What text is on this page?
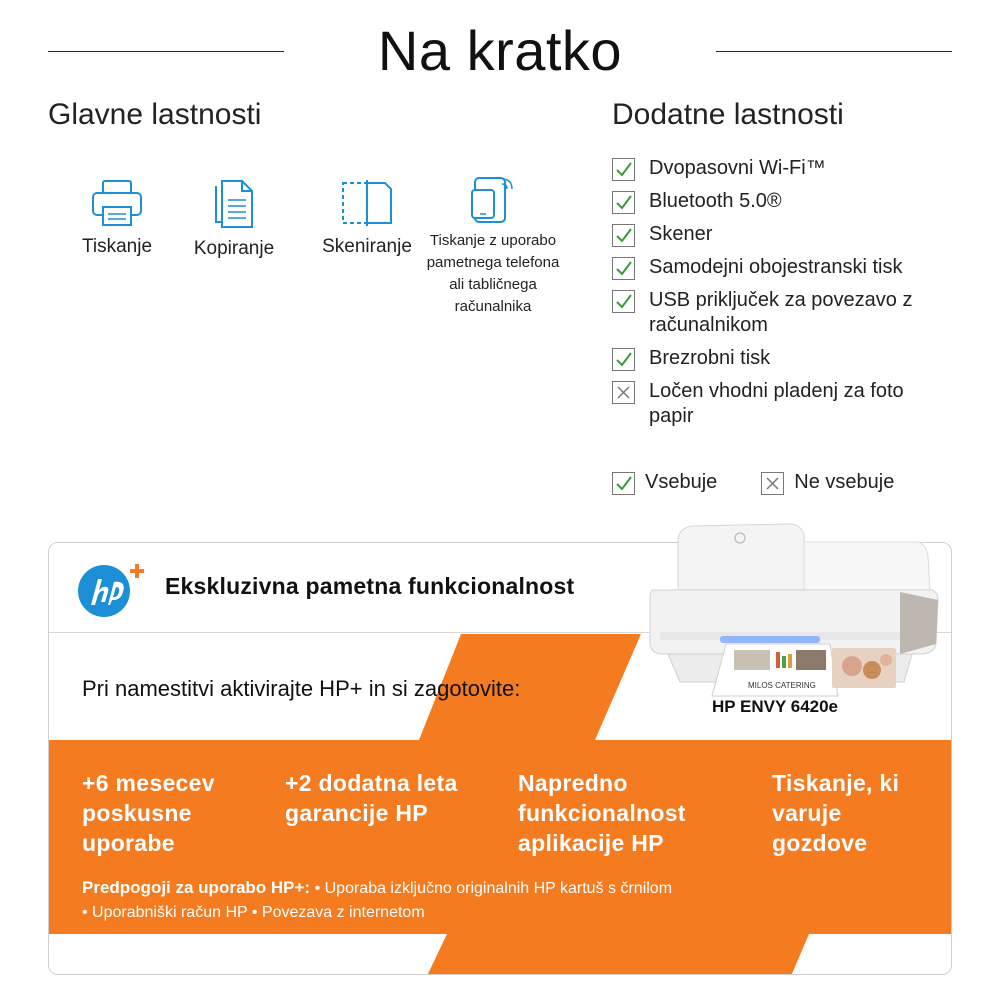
Na kratko
Glavne lastnosti
Tiskanje	Kopiranje	Skeniranje	Tiskanje z uporabo pametnega telefona ali tabličnega računalnika
Dodatne lastnosti
Dvopasovni Wi-Fi™
Bluetooth 5.0®
Skener
Samodejni obojestranski tisk
USB priključek za povezavo z računalnikom
Brezrobni tisk
Ločen vhodni pladenj za foto papir
Vsebuje	Ne vsebuje
Ekskluzivna pametna funkcionalnost
Pri namestitvi aktivirajte HP+ in si zagotovite:
+6 mesecev poskusne uporabe
+2 dodatna leta garancije HP
Napredno funkcionalnost aplikacije HP
Tiskanje, ki varuje gozdove
Predpogoji za uporabo HP+: • Uporaba izključno originalnih HP kartuš s črnilom
• Uporabniški račun HP • Povezava z internetom
MILOS CATERING
HP ENVY 6420e
